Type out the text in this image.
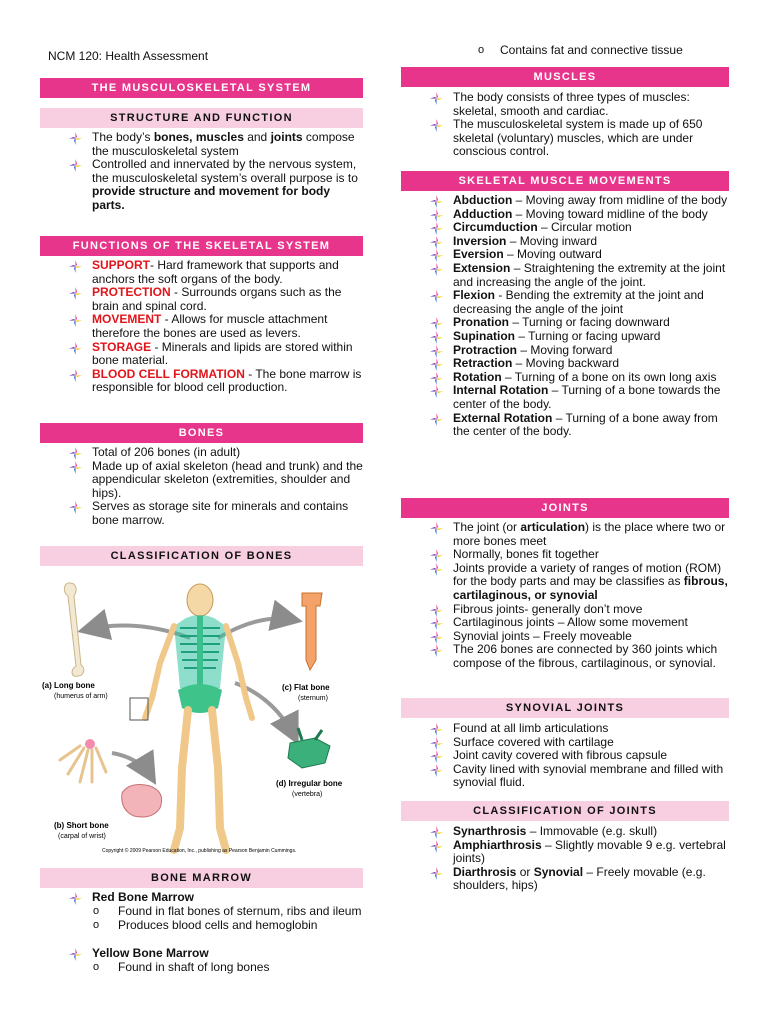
NCM 120: Health Assessment
THE MUSCULOSKELETAL SYSTEM
STRUCTURE AND FUNCTION
The body’s bones, muscles and joints compose the musculoskeletal system
Controlled and innervated by the nervous system, the musculoskeletal system’s overall purpose is to provide structure and movement for body parts.
FUNCTIONS OF THE SKELETAL SYSTEM
SUPPORT- Hard framework that supports and anchors the soft organs of the body.
PROTECTION - Surrounds organs such as the brain and spinal cord.
MOVEMENT - Allows for muscle attachment therefore the bones are used as levers.
STORAGE - Minerals and lipids are stored within bone material.
BLOOD CELL FORMATION - The bone marrow is responsible for blood cell production.
BONES
Total of 206 bones (in adult)
Made up of axial skeleton (head and trunk) and the appendicular skeleton (extremities, shoulder and hips).
Serves as storage site for minerals and contains bone marrow.
CLASSIFICATION OF BONES
BONE MARROW
Red Bone Marrow
o Found in flat bones of sternum, ribs and ileum
o Produces blood cells and hemoglobin
Yellow Bone Marrow
o Found in shaft of long bones
(a) Long bone
(humerus of arm)
(c) Flat bone
(sternum)
(d) Irregular bone
(vertebra)
(b) Short bone
(carpal of wrist)
Copyright © 2009 Pearson Education, Inc., publishing as Pearson Benjamin Cummings.
o Contains fat and connective tissue
MUSCLES
The body consists of three types of muscles: skeletal, smooth and cardiac.
The musculoskeletal system is made up of 650 skeletal (voluntary) muscles, which are under conscious control.
SKELETAL MUSCLE MOVEMENTS
Abduction – Moving away from midline of the body
Adduction – Moving toward midline of the body
Circumduction – Circular motion
Inversion – Moving inward
Eversion – Moving outward
Extension – Straightening the extremity at the joint and increasing the angle of the joint.
Flexion - Bending the extremity at the joint and decreasing the angle of the joint
Pronation – Turning or facing downward
Supination – Turning or facing upward
Protraction – Moving forward
Retraction – Moving backward
Rotation – Turning of a bone on its own long axis
Internal Rotation – Turning of a bone towards the center of the body.
External Rotation – Turning of a bone away from the center of the body.
JOINTS
The joint (or articulation) is the place where two or more bones meet
Normally, bones fit together
Joints provide a variety of ranges of motion (ROM) for the body parts and may be classifies as fibrous, cartilaginous, or synovial
Fibrous joints- generally don’t move
Cartilaginous joints – Allow some movement
Synovial joints – Freely moveable
The 206 bones are connected by 360 joints which compose of the fibrous, cartilaginous, or synovial.
SYNOVIAL JOINTS
Found at all limb articulations
Surface covered with cartilage
Joint cavity covered with fibrous capsule
Cavity lined with synovial membrane and filled with synovial fluid.
CLASSIFICATION OF JOINTS
Synarthrosis – Immovable (e.g. skull)
Amphiarthrosis – Slightly movable 9 e.g. vertebral joints)
Diarthrosis or Synovial – Freely movable (e.g. shoulders, hips)
